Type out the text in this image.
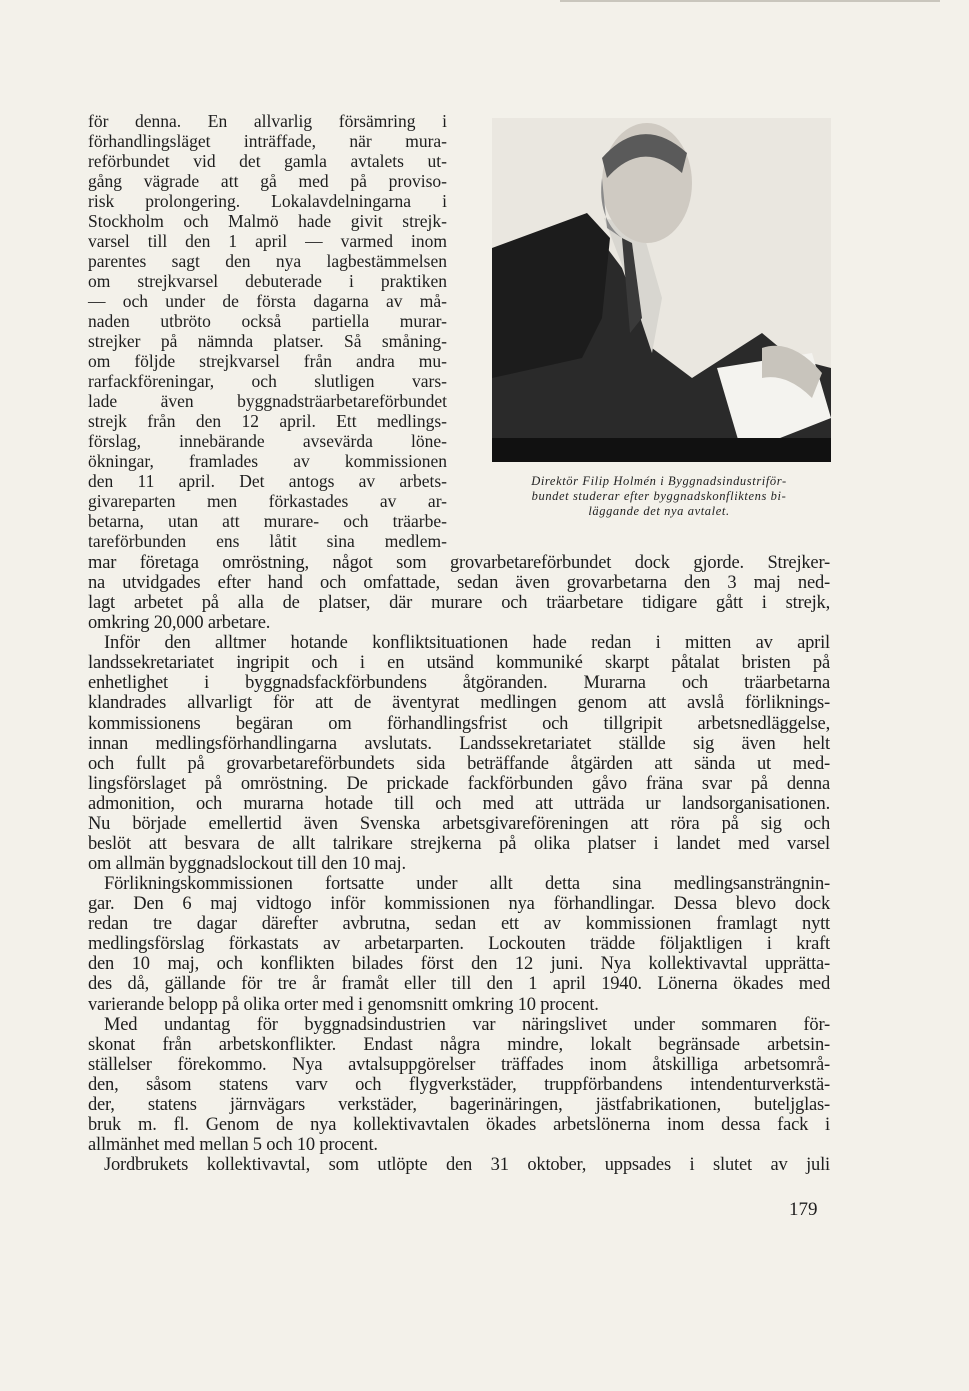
för denna. En allvarlig försämring i
förhandlingsläget inträffade, när mura-
reförbundet vid det gamla avtalets ut-
gång vägrade att gå med på proviso-
risk prolongering. Lokalavdelningarna i
Stockholm och Malmö hade givit strejk-
varsel till den 1 april — varmed inom
parentes sagt den nya lagbestämmelsen
om strejkvarsel debuterade i praktiken
— och under de första dagarna av må-
naden utbröto också partiella murar-
strejker på nämnda platser. Så småning-
om följde strejkvarsel från andra mu-
rarfackföreningar, och slutligen vars-
lade även byggnadsträarbetareförbundet
strejk från den 12 april. Ett medlings-
förslag, innebärande avsevärda löne-
ökningar, framlades av kommissionen
den 11 april. Det antogs av arbets-
givareparten men förkastades av ar-
betarna, utan att murare- och träarbe-
tareförbunden ens låtit sina medlem-
Direktör Filip Holmén i Byggnadsindustriför-
bundet studerar efter byggnadskonfliktens bi-
läggande det nya avtalet.
mar företaga omröstning, något som grovarbetareförbundet dock gjorde. Strejker-
na utvidgades efter hand och omfattade, sedan även grovarbetarna den 3 maj ned-
lagt arbetet på alla de platser, där murare och träarbetare tidigare gått i strejk,
omkring 20,000 arbetare.
Inför den alltmer hotande konfliktsituationen hade redan i mitten av april
landssekretariatet ingripit och i en utsänd kommuniké skarpt påtalat bristen på
enhetlighet i byggnadsfackförbundens åtgöranden. Murarna och träarbetarna
klandrades allvarligt för att de äventyrat medlingen genom att avslå förliknings-
kommissionens begäran om förhandlingsfrist och tillgripit arbetsnedläggelse,
innan medlingsförhandlingarna avslutats. Landssekretariatet ställde sig även helt
och fullt på grovarbetareförbundets sida beträffande åtgärden att sända ut med-
lingsförslaget på omröstning. De prickade fackförbunden gåvo fräna svar på denna
admonition, och murarna hotade till och med att utträda ur landsorganisationen.
Nu började emellertid även Svenska arbetsgivareföreningen att röra på sig och
beslöt att besvara de allt talrikare strejkerna på olika platser i landet med varsel
om allmän byggnadslockout till den 10 maj.
Förlikningskommissionen fortsatte under allt detta sina medlingsansträngnin-
gar. Den 6 maj vidtogo inför kommissionen nya förhandlingar. Dessa blevo dock
redan tre dagar därefter avbrutna, sedan ett av kommissionen framlagt nytt
medlingsförslag förkastats av arbetarparten. Lockouten trädde följaktligen i kraft
den 10 maj, och konflikten bilades först den 12 juni. Nya kollektivavtal upprätta-
des då, gällande för tre år framåt eller till den 1 april 1940. Lönerna ökades med
varierande belopp på olika orter med i genomsnitt omkring 10 procent.
Med undantag för byggnadsindustrien var näringslivet under sommaren för-
skonat från arbetskonflikter. Endast några mindre, lokalt begränsade arbetsin-
ställelser förekommo. Nya avtalsuppgörelser träffades inom åtskilliga arbetsområ-
den, såsom statens varv och flygverkstäder, truppförbandens intendenturverkstä-
der, statens järnvägars verkstäder, bagerinäringen, jästfabrikationen, buteljglas-
bruk m. fl. Genom de nya kollektivavtalen ökades arbetslönerna inom dessa fack i
allmänhet med mellan 5 och 10 procent.
Jordbrukets kollektivavtal, som utlöpte den 31 oktober, uppsades i slutet av juli
179
